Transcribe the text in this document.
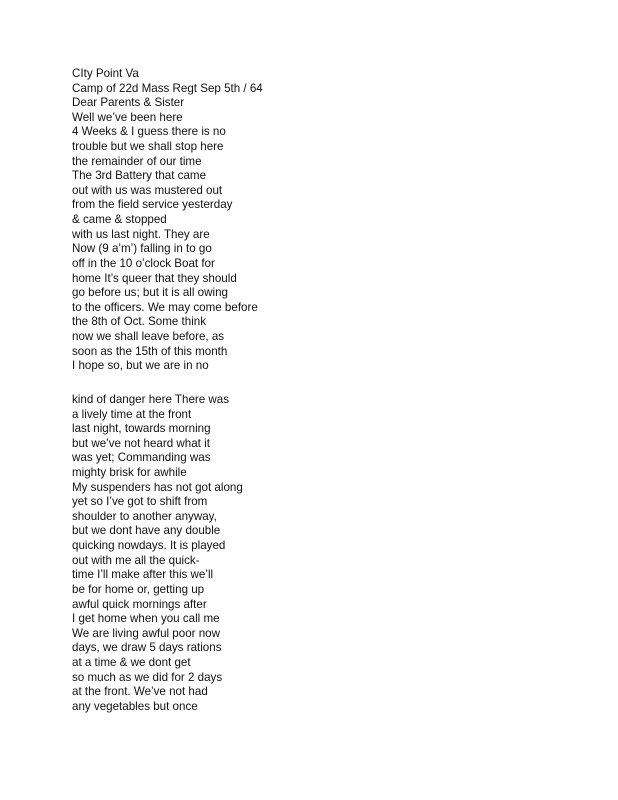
CIty Point Va
Camp of 22d Mass Regt Sep 5th / 64
Dear Parents & Sister
Well we’ve been here
4 Weeks & I guess there is no
trouble but we shall stop here
the remainder of our time
The 3rd Battery that came
out with us was mustered out
from the field service yesterday
& came & stopped
with us last night. They are
Now (9 a’m’) falling in to go
off in the 10 o’clock Boat for
home It’s queer that they should
go before us; but it is all owing
to the officers. We may come before
the 8th of Oct. Some think
now we shall leave before, as
soon as the 15th of this month
I hope so, but we are in no
kind of danger here There was
a lively time at the front
last night, towards morning
but we’ve not heard what it
was yet; Commanding was
mighty brisk for awhile
My suspenders has not got along
yet so I’ve got to shift from
shoulder to another anyway,
but we dont have any double
quicking nowdays. It is played
out with me all the quick-
time I’ll make after this we’ll
be for home or, getting up
awful quick mornings after
I get home when you call me
We are living awful poor now
days, we draw 5 days rations
at a time & we dont get
so much as we did for 2 days
at the front. We’ve not had
any vegetables but once
